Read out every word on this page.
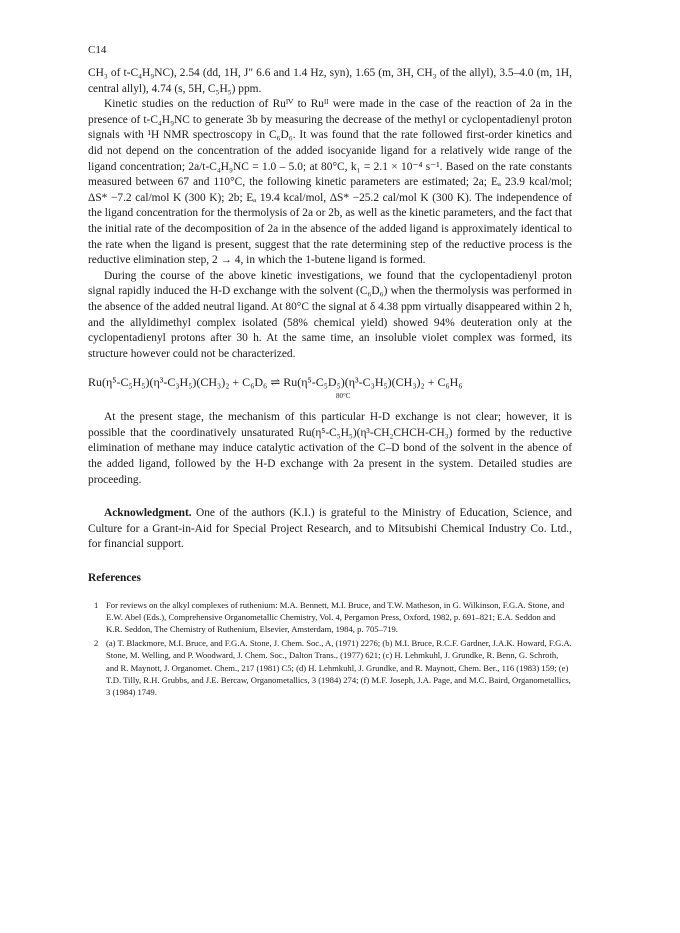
C14

CH₃ of t-C₄H₉NC), 2.54 (dd, 1H, J″ 6.6 and 1.4 Hz, syn), 1.65 (m, 3H, CH₃ of the allyl), 3.5–4.0 (m, 1H, central allyl), 4.74 (s, 5H, C₅H₅) ppm.

Kinetic studies on the reduction of Ruᴵⱽ to Ruᴵᴵ were made in the case of the reaction of 2a in the presence of t-C₄H₉NC to generate 3b by measuring the decrease of the methyl or cyclopentadienyl proton signals with ¹H NMR spectroscopy in C₆D₆. It was found that the rate followed first-order kinetics and did not depend on the concentration of the added isocyanide ligand for a relatively wide range of the ligand concentration; 2a/t-C₄H₉NC = 1.0 – 5.0; at 80°C, k₁ = 2.1 × 10⁻⁴ s⁻¹. Based on the rate constants measured between 67 and 110°C, the following kinetic parameters are estimated; 2a; Eₐ 23.9 kcal/mol; ΔS* −7.2 cal/mol K (300 K); 2b; Eₐ 19.4 kcal/mol, ΔS* −25.2 cal/mol K (300 K). The independence of the ligand concentration for the thermolysis of 2a or 2b, as well as the kinetic parameters, and the fact that the initial rate of the decomposition of 2a in the absence of the added ligand is approximately identical to the rate when the ligand is present, suggest that the rate determining step of the reductive process is the reductive elimination step, 2 → 4, in which the 1-butene ligand is formed.

During the course of the above kinetic investigations, we found that the cyclopentadienyl proton signal rapidly induced the H-D exchange with the solvent (C₆D₆) when the thermolysis was performed in the absence of the added neutral ligand. At 80°C the signal at δ 4.38 ppm virtually disappeared within 2 h, and the allyldimethyl complex isolated (58% chemical yield) showed 94% deuteration only at the cyclopentadienyl protons after 30 h. At the same time, an insoluble violet complex was formed, its structure however could not be characterized.

Ru(η⁵-C₅H₅)(η³-C₃H₅)(CH₃)₂ + C₆D₆ ⇌ Ru(η⁵-C₅D₅)(η³-C₃H₅)(CH₃)₂ + C₆H₆
80°C

At the present stage, the mechanism of this particular H-D exchange is not clear; however, it is possible that the coordinatively unsaturated Ru(η⁵-C₅H₅)(η³-CH₂CHCH-CH₃) formed by the reductive elimination of methane may induce catalytic activation of the C–D bond of the solvent in the abence of the added ligand, followed by the H-D exchange with 2a present in the system. Detailed studies are proceeding.

Acknowledgment. One of the authors (K.I.) is grateful to the Ministry of Education, Science, and Culture for a Grant-in-Aid for Special Project Research, and to Mitsubishi Chemical Industry Co. Ltd., for financial support.

References
1 For reviews on the alkyl complexes of ruthenium: M.A. Bennett, M.I. Bruce, and T.W. Matheson, in G. Wilkinson, F.G.A. Stone, and E.W. Abel (Eds.), Comprehensive Organometallic Chemistry, Vol. 4, Pergamon Press, Oxford, 1982, p. 691–821; E.A. Seddon and K.R. Seddon, The Chemistry of Ruthenium, Elsevier, Amsterdam, 1984, p. 705–719.
2 (a) T. Blackmore, M.I. Bruce, and F.G.A. Stone, J. Chem. Soc., A, (1971) 2276; (b) M.I. Bruce, R.C.F. Gardner, J.A.K. Howard, F.G.A. Stone, M. Welling, and P. Woodward, J. Chem. Soc., Dalton Trans., (1977) 621; (c) H. Lehmkuhl, J. Grundke, R. Benn, G. Schroth, and R. Maynott, J. Organomet. Chem., 217 (1981) C5; (d) H. Lehmkuhl, J. Grundke, and R. Maynott, Chem. Ber., 116 (1983) 159; (e) T.D. Tilly, R.H. Grubbs, and J.E. Bercaw, Organometallics, 3 (1984) 274; (f) M.F. Joseph, J.A. Page, and M.C. Baird, Organometallics, 3 (1984) 1749.
